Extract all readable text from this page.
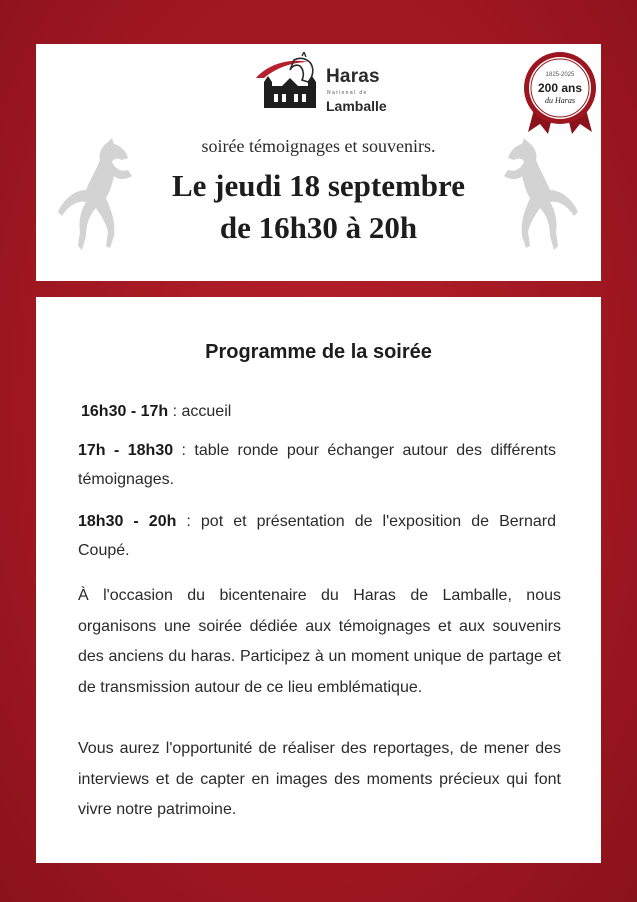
Haras
National de
Lamballe
1825-2025
200 ans
du Haras
soirée témoignages et souvenirs.
Le jeudi 18 septembre
de 16h30 à 20h
Programme de la soirée
16h30 - 17h : accueil
17h - 18h30 : table ronde pour échanger autour des différents témoignages.
18h30 - 20h : pot et présentation de l'exposition de Bernard Coupé.
À l'occasion du bicentenaire du Haras de Lamballe, nous organisons une soirée dédiée aux témoignages et aux souvenirs des anciens du haras. Participez à un moment unique de partage et de transmission autour de ce lieu emblématique.
Vous aurez l'opportunité de réaliser des reportages, de mener des interviews et de capter en images des moments précieux qui font vivre notre patrimoine.
